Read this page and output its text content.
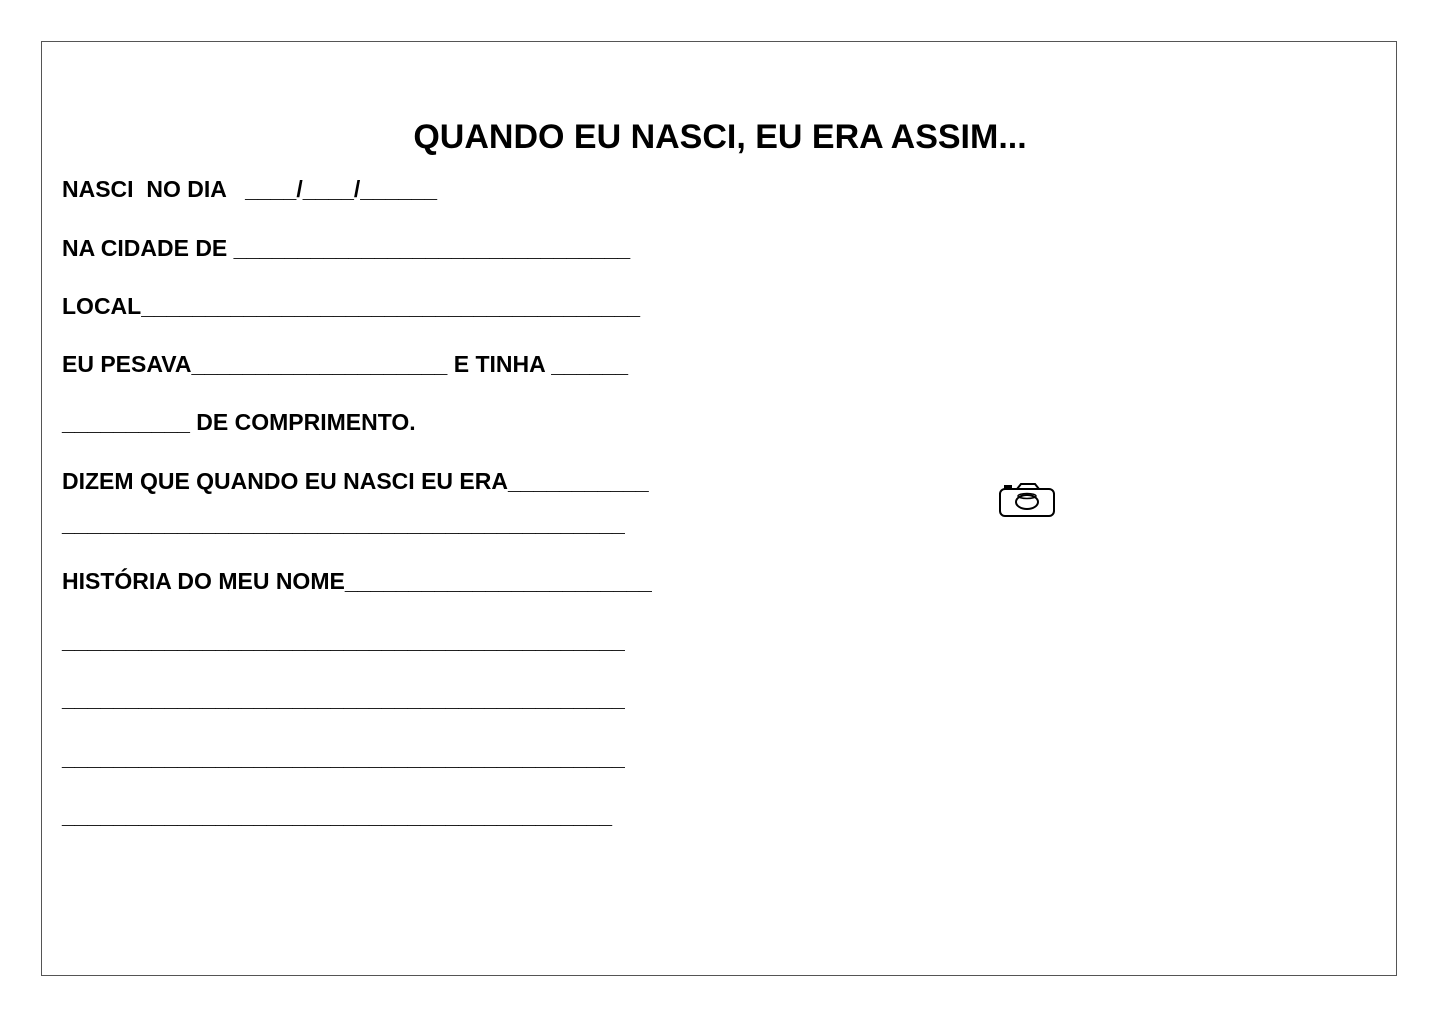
QUANDO EU NASCI, EU ERA ASSIM...
NASCI  NO DIA   ____/____/______
NA CIDADE DE _______________________________
LOCAL_______________________________________
EU PESAVA____________________ E TINHA ______
__________ DE COMPRIMENTO.
DIZEM QUE QUANDO EU NASCI EU ERA___________
____________________________________________
HISTÓRIA DO MEU NOME________________________
____________________________________________
____________________________________________
____________________________________________
___________________________________________
